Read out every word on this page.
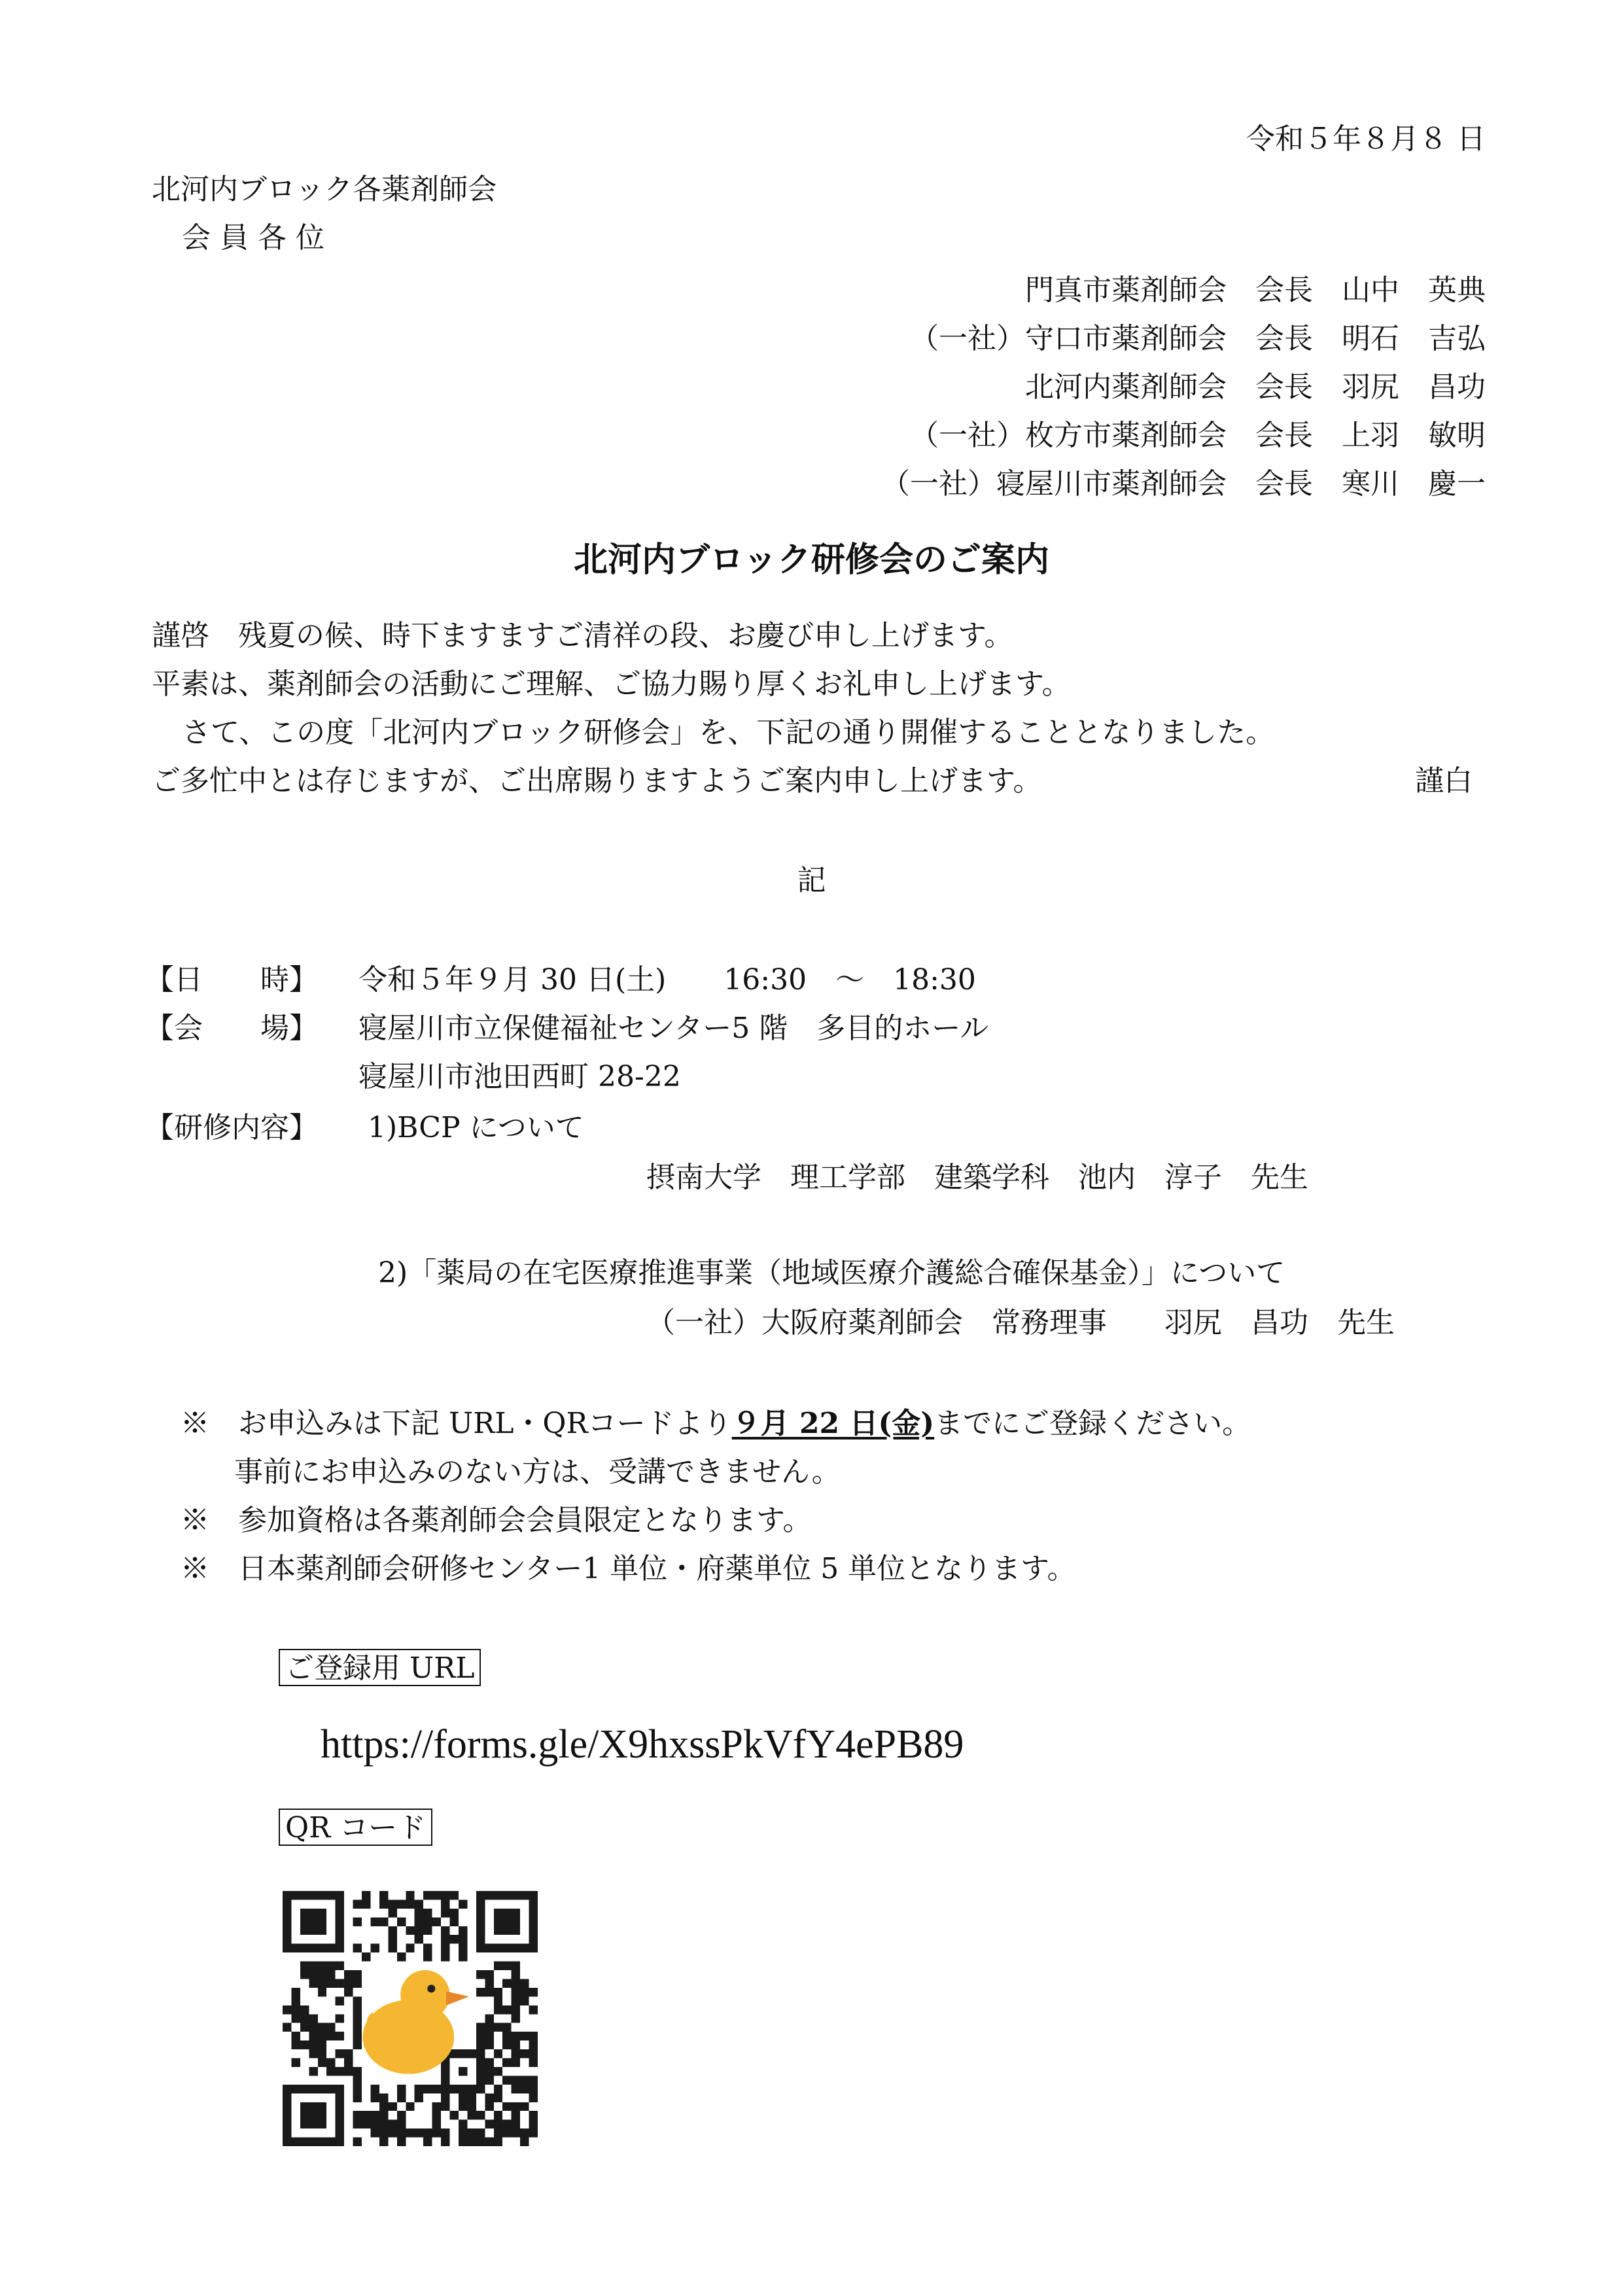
令和５年８月８ 日
北河内ブロック各薬剤師会
会 員 各 位
門真市薬剤師会　 会長　 山中　英典
（一社）守口市薬剤師会　 会長　 明石　吉弘
北河内薬剤師会　 会長　 羽尻　昌功
（一社）枚方市薬剤師会　 会長　 上羽　敏明
（一社）寝屋川市薬剤師会　 会長　 寒川　慶一
北河内ブロック研修会のご案内
謹啓　残夏の候、時下ますますご清祥の段、お慶び申し上げます。
平素は、薬剤師会の活動にご理解、ご協力賜り厚くお礼申し上げます。
さて、この度「北河内ブロック研修会」を、下記の通り開催することとなりました。
ご多忙中とは存じますが、ご出席賜りますようご案内申し上げます。	謹白
記
【日　　時】 令和５年９月 30 日(土)　　16:30　～　18:30
【会　　場】 寝屋川市立保健福祉センター5 階　多目的ホール
寝屋川市池田西町 28-22
【研修内容】 1)BCP について
摂南大学　理工学部　建築学科　池内　淳子　先生
2)「薬局の在宅医療推進事業（地域医療介護総合確保基金）」について
（一社）大阪府薬剤師会　常務理事　　羽尻　昌功　先生
※　 お申込みは下記 URL・QRコードより９月 22 日(金)までにご登録ください。
事前にお申込みのない方は、受講できません。
※　 参加資格は各薬剤師会会員限定となります。
※　 日本薬剤師会研修センター1 単位・府薬単位 5 単位となります。
ご登録用 URL
https://forms.gle/X9hxssPkVfY4ePB89
QR コード
